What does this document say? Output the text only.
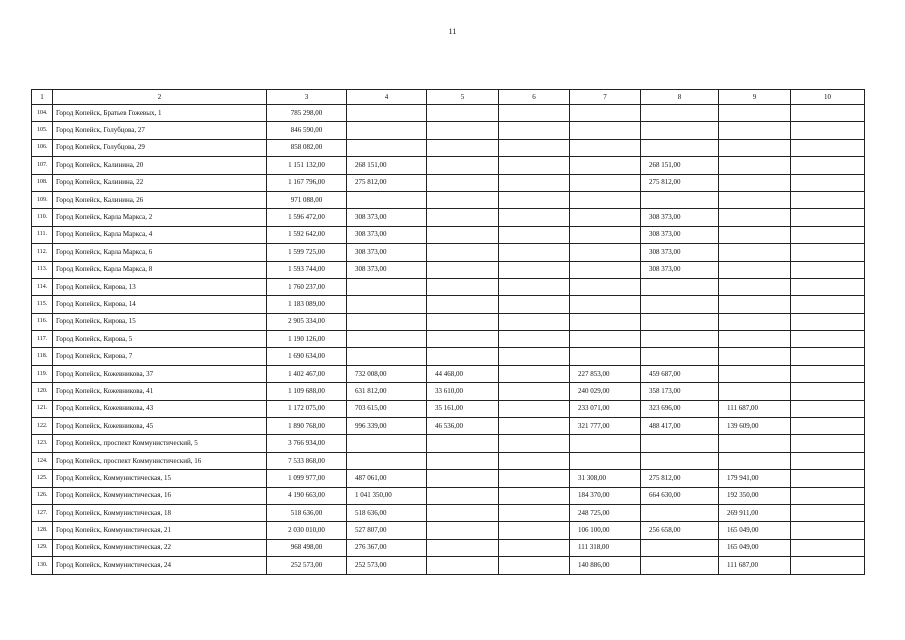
11
1	2	3	4	5	6	7	8	9	10
104.	Город Копейск, Братьев Гожевых, 1	785 298,00							
105.	Город Копейск, Голубцова, 27	846 590,00							
106.	Город Копейск, Голубцова, 29	858 082,00							
107.	Город Копейск, Калинина, 20	1 151 132,00	268 151,00				268 151,00		
108.	Город Копейск, Калинина, 22	1 167 796,00	275 812,00				275 812,00		
109.	Город Копейск, Калинина, 26	971 088,00							
110.	Город Копейск, Карла Маркса, 2	1 596 472,00	308 373,00				308 373,00		
111.	Город Копейск, Карла Маркса, 4	1 592 642,00	308 373,00				308 373,00		
112.	Город Копейск, Карла Маркса, 6	1 599 725,00	308 373,00				308 373,00		
113.	Город Копейск, Карла Маркса, 8	1 593 744,00	308 373,00				308 373,00		
114.	Город Копейск, Кирова, 13	1 760 237,00							
115.	Город Копейск, Кирова, 14	1 183 089,00							
116.	Город Копейск, Кирова, 15	2 905 334,00							
117.	Город Копейск, Кирова, 5	1 190 126,00							
118.	Город Копейск, Кирова, 7	1 690 634,00							
119.	Город Копейск, Кожевникова, 37	1 402 467,00	732 008,00	44 468,00		227 853,00	459 687,00		
120.	Город Копейск, Кожевникова, 41	1 109 688,00	631 812,00	33 610,00		240 029,00	358 173,00		
121.	Город Копейск, Кожевникова, 43	1 172 075,00	703 615,00	35 161,00		233 071,00	323 696,00	111 687,00	
122.	Город Копейск, Кожевникова, 45	1 890 768,00	996 339,00	46 536,00		321 777,00	488 417,00	139 609,00	
123.	Город Копейск, проспект Коммунистический, 5	3 766 934,00							
124.	Город Копейск, проспект Коммунистический, 16	7 533 868,00							
125.	Город Копейск, Коммунистическая, 15	1 099 977,00	487 061,00			31 308,00	275 812,00	179 941,00	
126.	Город Копейск, Коммунистическая, 16	4 190 663,00	1 041 350,00			184 370,00	664 630,00	192 350,00	
127.	Город Копейск, Коммунистическая, 18	518 636,00	518 636,00			248 725,00		269 911,00	
128.	Город Копейск, Коммунистическая, 21	2 030 010,00	527 807,00			106 100,00	256 658,00	165 049,00	
129.	Город Копейск, Коммунистическая, 22	968 498,00	276 367,00			111 318,00		165 049,00	
130.	Город Копейск, Коммунистическая, 24	252 573,00	252 573,00			140 886,00		111 687,00	
